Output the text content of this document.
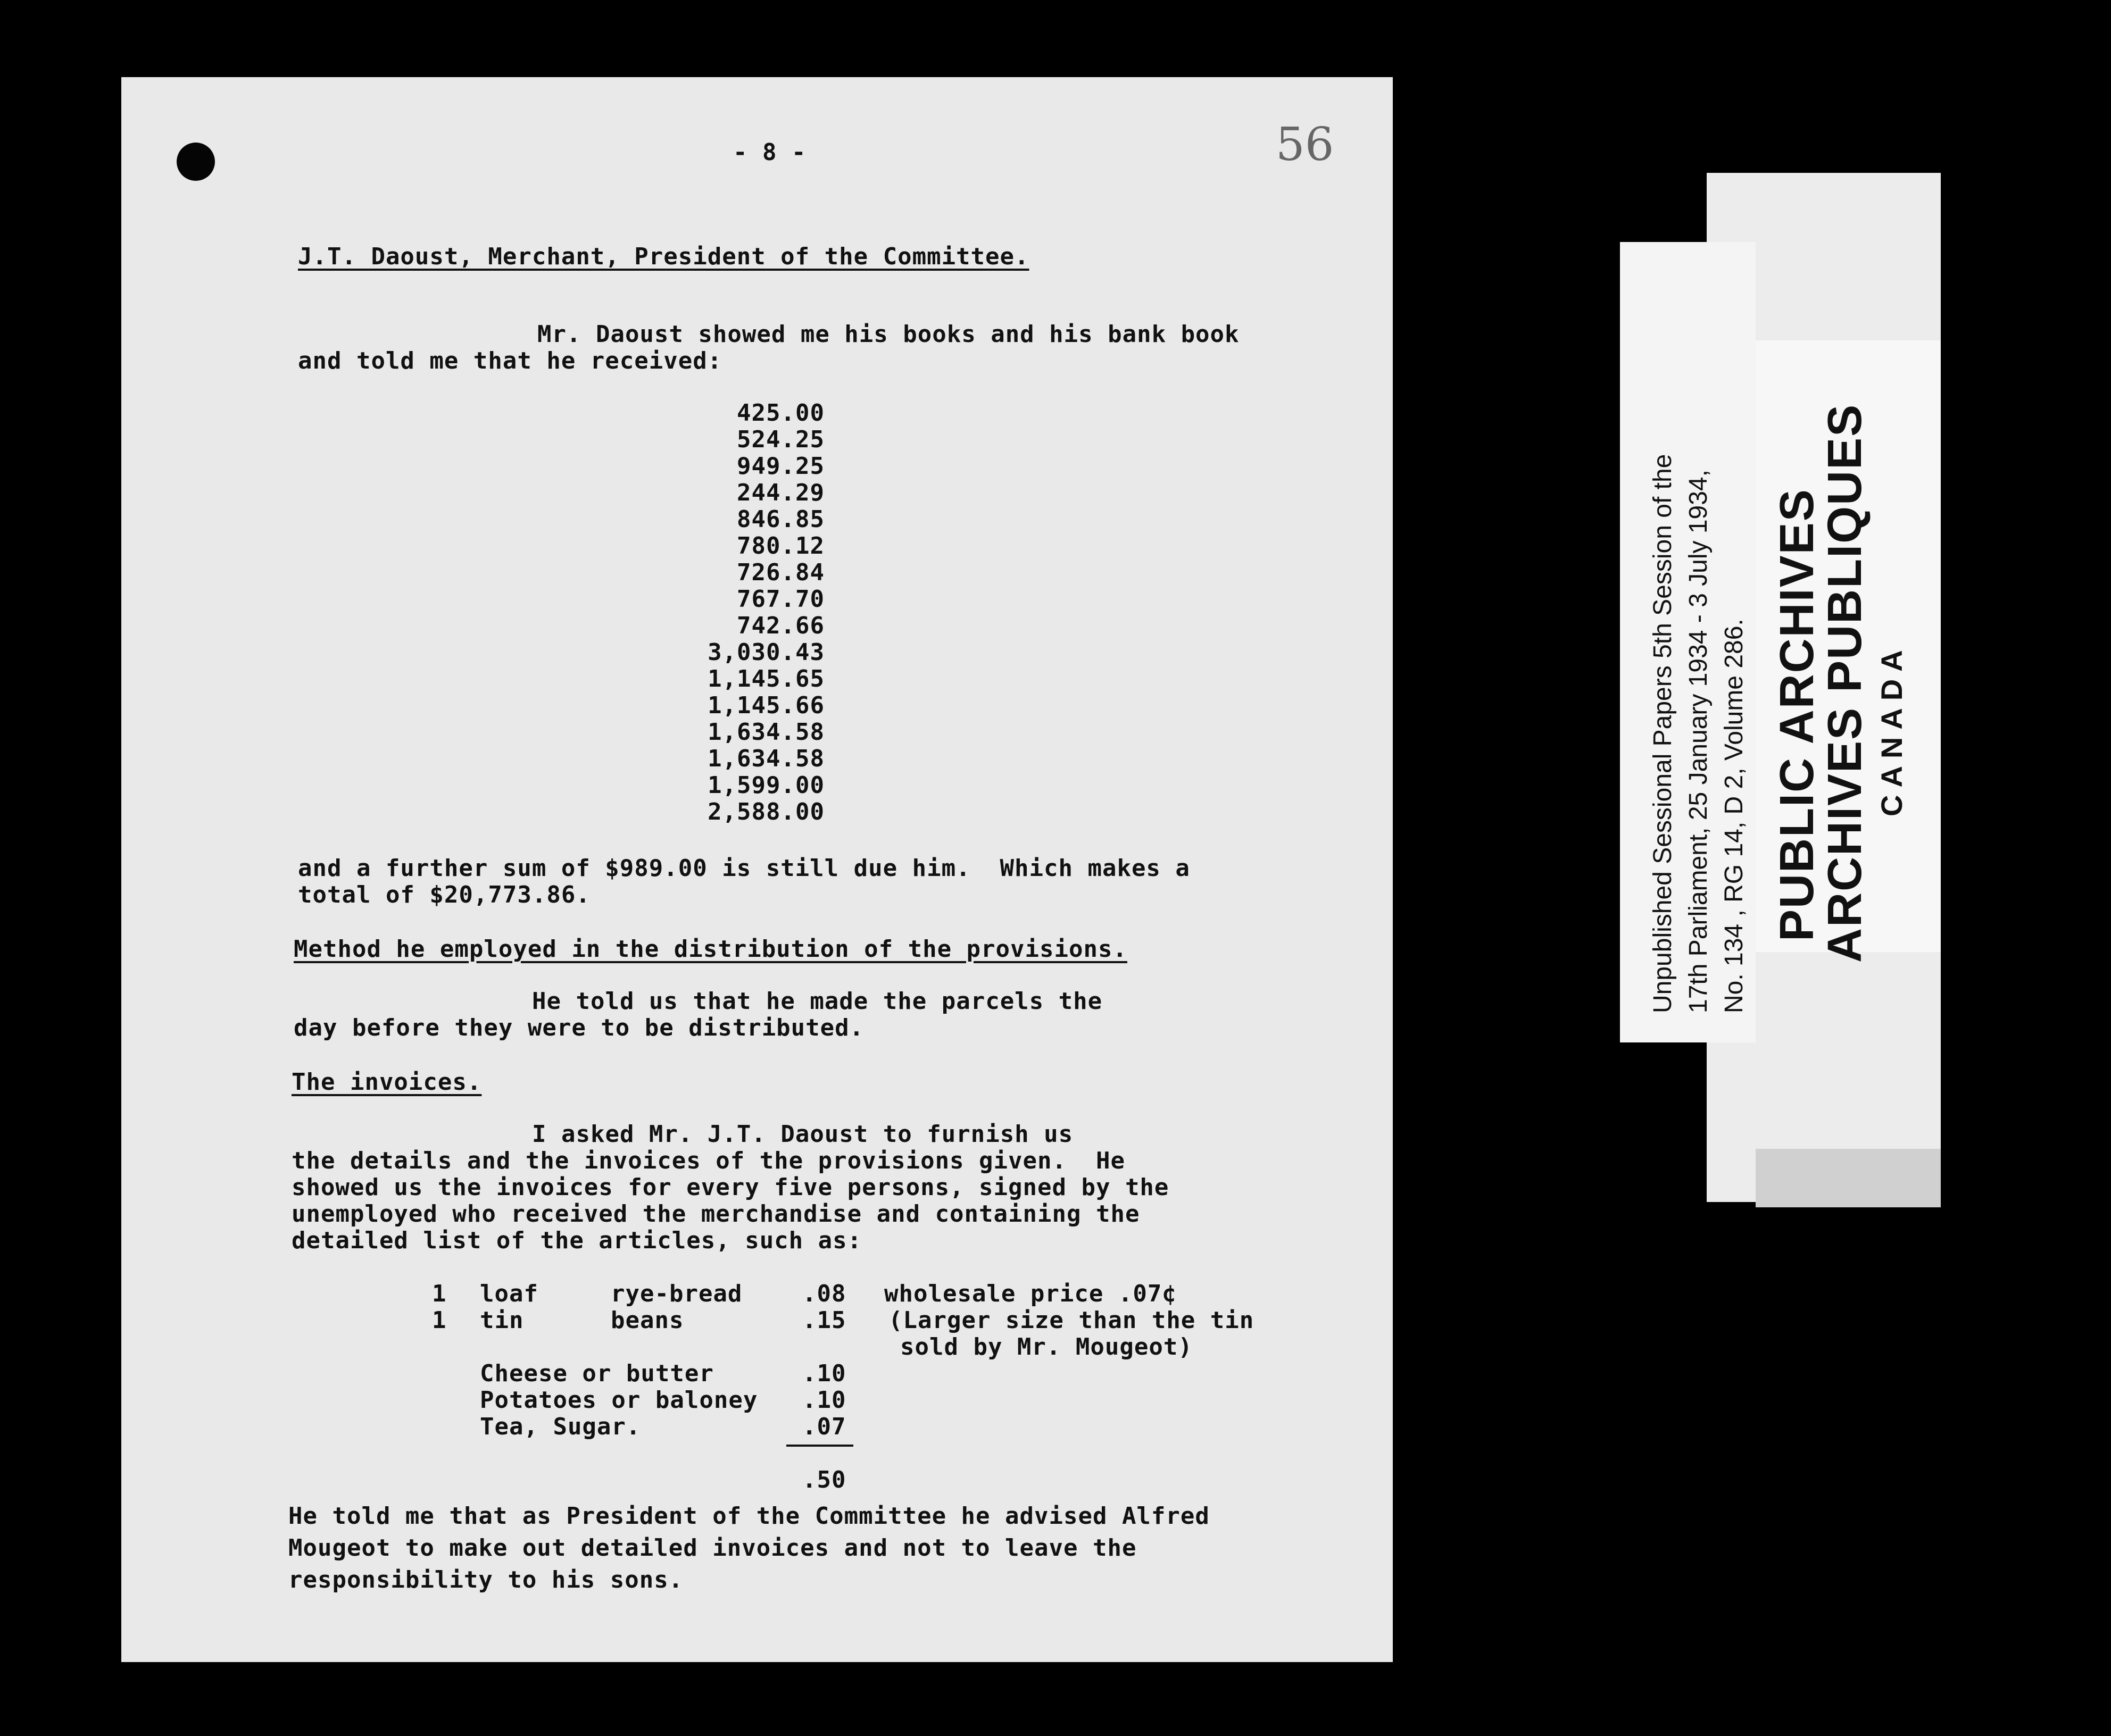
- 8 -	56
J.T. Daoust, Merchant, President of the Committee.
Mr. Daoust showed me his books and his bank book
and told me that he received:
425.00
524.25
949.25
244.29
846.85
780.12
726.84
767.70
742.66
3,030.43
1,145.65
1,145.66
1,634.58
1,634.58
1,599.00
2,588.00
and a further sum of $989.00 is still due him.  Which makes a
total of $20,773.86.
Method he employed in the distribution of the provisions.
He told us that he made the parcels the
day before they were to be distributed.
The invoices.
I asked Mr. J.T. Daoust to furnish us
the details and the invoices of the provisions given.  He
showed us the invoices for every five persons, signed by the
unemployed who received the merchandise and containing the
detailed list of the articles, such as:
1 loaf	rye-bread	.08 wholesale price .07¢
1 tin	beans	.15 (Larger size than the tin
sold by Mr. Mougeot)
Cheese or butter	.10
Potatoes or baloney .10
Tea, Sugar.	.07
.50
He told me that as President of the Committee he advised Alfred
Mougeot to make out detailed invoices and not to leave the
responsibility to his sons.
Unpublished Sessional Papers 5th Session of the 17th Parliament, 25 January 1934 - 3 July 1934, No. 134 , RG 14, D 2, Volume 286. PUBLIC ARCHIVES
ARCHIVES PUBLIQUES CANADA
